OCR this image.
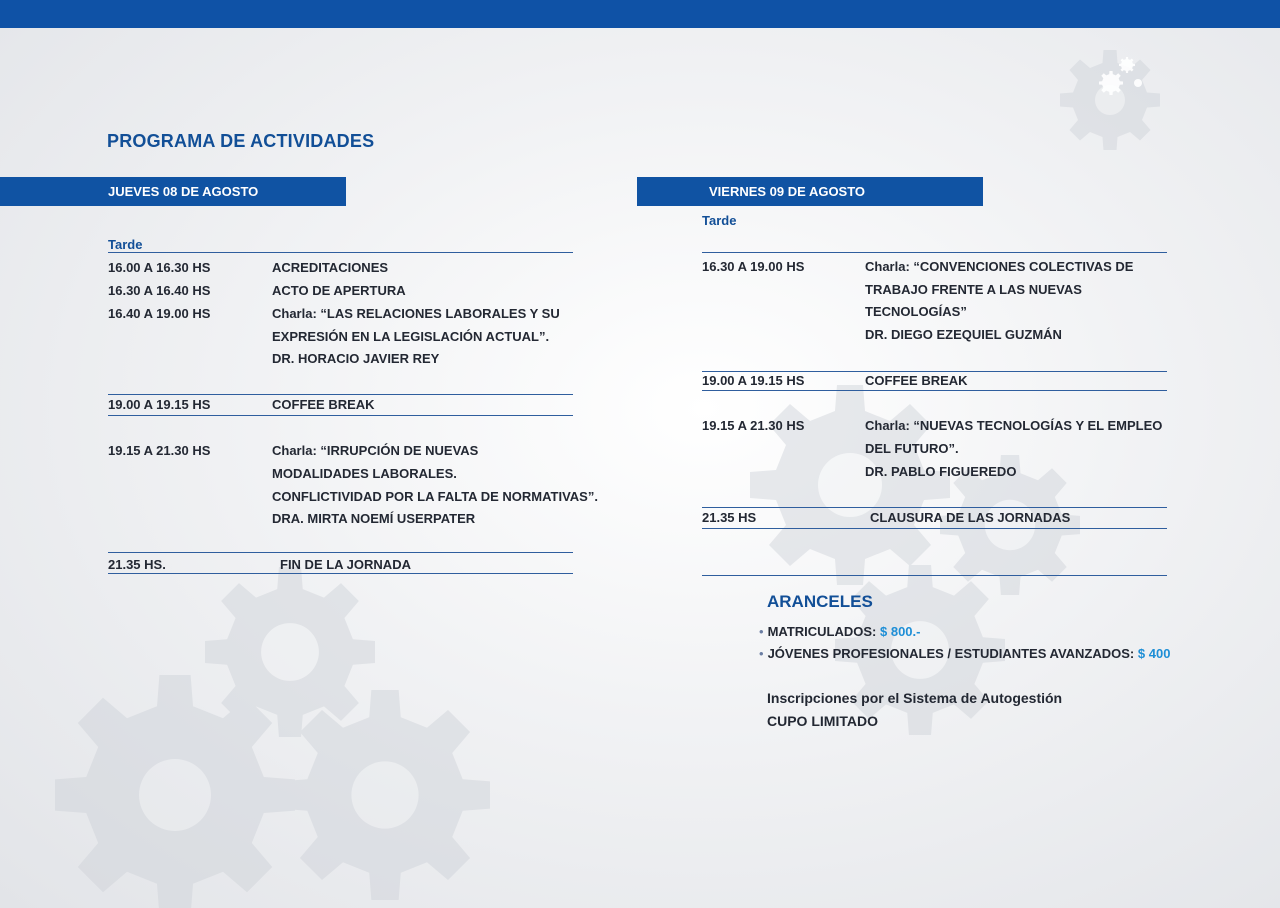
PROGRAMA DE ACTIVIDADES
JUEVES 08 DE AGOSTO
Tarde
16.00 A 16.30 HS	ACREDITACIONES
16.30 A 16.40 HS	ACTO DE APERTURA
16.40 A 19.00 HS	Charla: “LAS RELACIONES LABORALES Y SU
EXPRESIÓN EN LA LEGISLACIÓN ACTUAL”.
DR. HORACIO JAVIER REY
19.00 A 19.15 HS	COFFEE BREAK
19.15 A 21.30 HS	Charla: “IRRUPCIÓN DE NUEVAS
MODALIDADES LABORALES.
CONFLICTIVIDAD POR LA FALTA DE NORMATIVAS”.
DRA. MIRTA NOEMÍ USERPATER
21.35 HS.	FIN DE LA JORNADA
VIERNES 09 DE AGOSTO
Tarde
16.30 A 19.00 HS	Charla: “CONVENCIONES COLECTIVAS DE
TRABAJO FRENTE A LAS NUEVAS
TECNOLOGÍAS”
DR. DIEGO EZEQUIEL GUZMÁN
19.00 A 19.15 HS	COFFEE BREAK
19.15 A 21.30 HS	Charla: “NUEVAS TECNOLOGÍAS Y EL EMPLEO
DEL FUTURO”.
DR. PABLO FIGUEREDO
21.35 HS	CLAUSURA DE LAS JORNADAS
ARANCELES
• MATRICULADOS: $ 800.-
• JÓVENES PROFESIONALES / ESTUDIANTES AVANZADOS: $ 400
Inscripciones por el Sistema de Autogestión
CUPO LIMITADO
